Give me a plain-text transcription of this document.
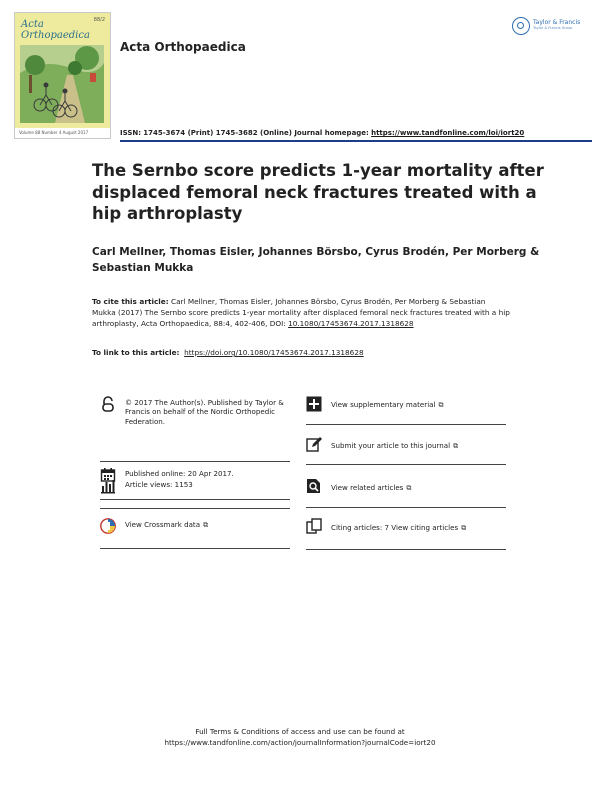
Acta
Orthopaedica
88/2
Volume 88 Number 4 August 2017
Acta Orthopaedica
Taylor & Francis
Taylor & Francis Group
ISSN: 1745-3674 (Print) 1745-3682 (Online) Journal homepage: https://www.tandfonline.com/loi/iort20
The Sernbo score predicts 1-year mortality after displaced femoral neck fractures treated with a hip arthroplasty
Carl Mellner, Thomas Eisler, Johannes Börsbo, Cyrus Brodén, Per Morberg & Sebastian Mukka
To cite this article: Carl Mellner, Thomas Eisler, Johannes Börsbo, Cyrus Brodén, Per Morberg & Sebastian Mukka (2017) The Sernbo score predicts 1-year mortality after displaced femoral neck fractures treated with a hip arthroplasty, Acta Orthopaedica, 88:4, 402-406, DOI: 10.1080/17453674.2017.1318628
To link to this article: https://doi.org/10.1080/17453674.2017.1318628
© 2017 The Author(s). Published by Taylor & Francis on behalf of the Nordic Orthopedic Federation.
Published online: 20 Apr 2017.
Article views: 1153
View Crossmark data ⧉
View supplementary material ⧉
Submit your article to this journal ⧉
View related articles ⧉
Citing articles: 7 View citing articles ⧉
Full Terms & Conditions of access and use can be found at
https://www.tandfonline.com/action/journalInformation?journalCode=iort20
